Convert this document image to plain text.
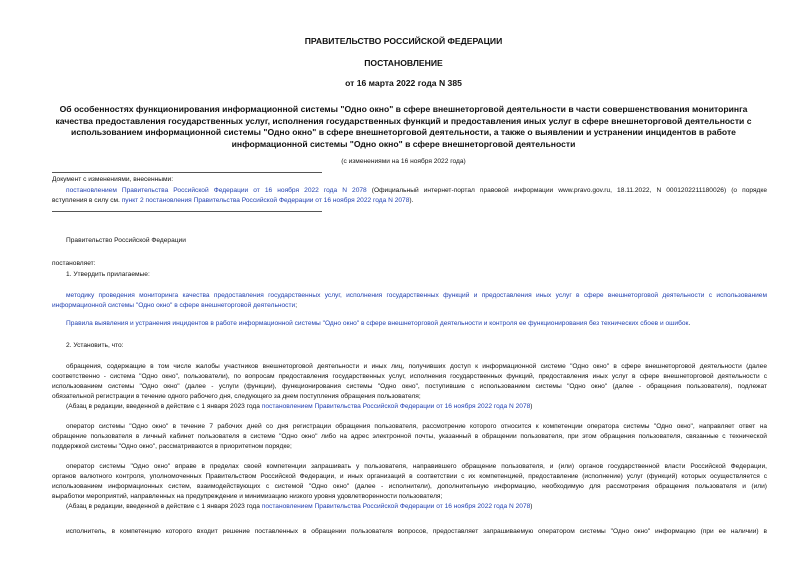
ПРАВИТЕЛЬСТВО РОССИЙСКОЙ ФЕДЕРАЦИИ
ПОСТАНОВЛЕНИЕ
от 16 марта 2022 года N 385
Об особенностях функционирования информационной системы "Одно окно" в сфере внешнеторговой деятельности в части совершенствования мониторинга
качества предоставления государственных услуг, исполнения государственных функций и предоставления иных услуг в сфере внешнеторговой деятельности с
использованием информационной системы "Одно окно" в сфере внешнеторговой деятельности, а также о выявлении и устранении инцидентов в работе
информационной системы "Одно окно" в сфере внешнеторговой деятельности
(с изменениями на 16 ноября 2022 года)
Документ с изменениями, внесенными:
постановлением Правительства Российской Федерации от 16 ноября 2022 года N 2078 (Официальный интернет-портал правовой информации www.pravo.gov.ru, 18.11.2022, N 0001202211180026) (о порядке
вступления в силу см. пункт 2 постановления Правительства Российской Федерации от 16 ноября 2022 года N 2078).
Правительство Российской Федерации
постановляет:
1. Утвердить прилагаемые:
методику проведения мониторинга качества предоставления государственных услуг, исполнения государственных функций и предоставления иных услуг в сфере внешнеторговой деятельности с использованием
информационной системы "Одно окно" в сфере внешнеторговой деятельности;
Правила выявления и устранения инцидентов в работе информационной системы "Одно окно" в сфере внешнеторговой деятельности и контроля ее функционирования без технических сбоев и ошибок.
2. Установить, что:
обращения, содержащие в том числе жалобы участников внешнеторговой деятельности и иных лиц, получивших доступ к информационной системе "Одно окно" в сфере внешнеторговой деятельности (далее
соответственно - система "Одно окно", пользователи), по вопросам предоставления государственных услуг, исполнения государственных функций, предоставления иных услуг в сфере внешнеторговой деятельности с
использованием системы "Одно окно" (далее - услуги (функции), функционирования системы "Одно окно", поступившие с использованием системы "Одно окно" (далее - обращения пользователя), подлежат
обязательной регистрации в течение одного рабочего дня, следующего за днем поступления обращения пользователя;
(Абзац в редакции, введенной в действие с 1 января 2023 года постановлением Правительства Российской Федерации от 16 ноября 2022 года N 2078)
оператор системы "Одно окно" в течение 7 рабочих дней со дня регистрации обращения пользователя, рассмотрение которого относится к компетенции оператора системы "Одно окно", направляет ответ на
обращение пользователя в личный кабинет пользователя в системе "Одно окно" либо на адрес электронной почты, указанный в обращении пользователя, при этом обращения пользователя, связанные с технической
поддержкой системы "Одно окно", рассматриваются в приоритетном порядке;
оператор системы "Одно окно" вправе в пределах своей компетенции запрашивать у пользователя, направившего обращение пользователя, и (или) органов государственной власти Российской Федерации,
органов валютного контроля, уполномоченных Правительством Российской Федерации, и иных организаций в соответствии с их компетенцией, предоставление (исполнение) услуг (функций) которых осуществляется с
использованием информационных систем, взаимодействующих с системой "Одно окно" (далее - исполнители), дополнительную информацию, необходимую для рассмотрения обращения пользователя и (или)
выработки мероприятий, направленных на предупреждение и минимизацию низкого уровня удовлетворенности пользователя;
(Абзац в редакции, введенной в действие с 1 января 2023 года постановлением Правительства Российской Федерации от 16 ноября 2022 года N 2078)
исполнитель, в компетенцию которого входит решение поставленных в обращении пользователя вопросов, предоставляет запрашиваемую оператором системы "Одно окно" информацию (при ее наличии) в
